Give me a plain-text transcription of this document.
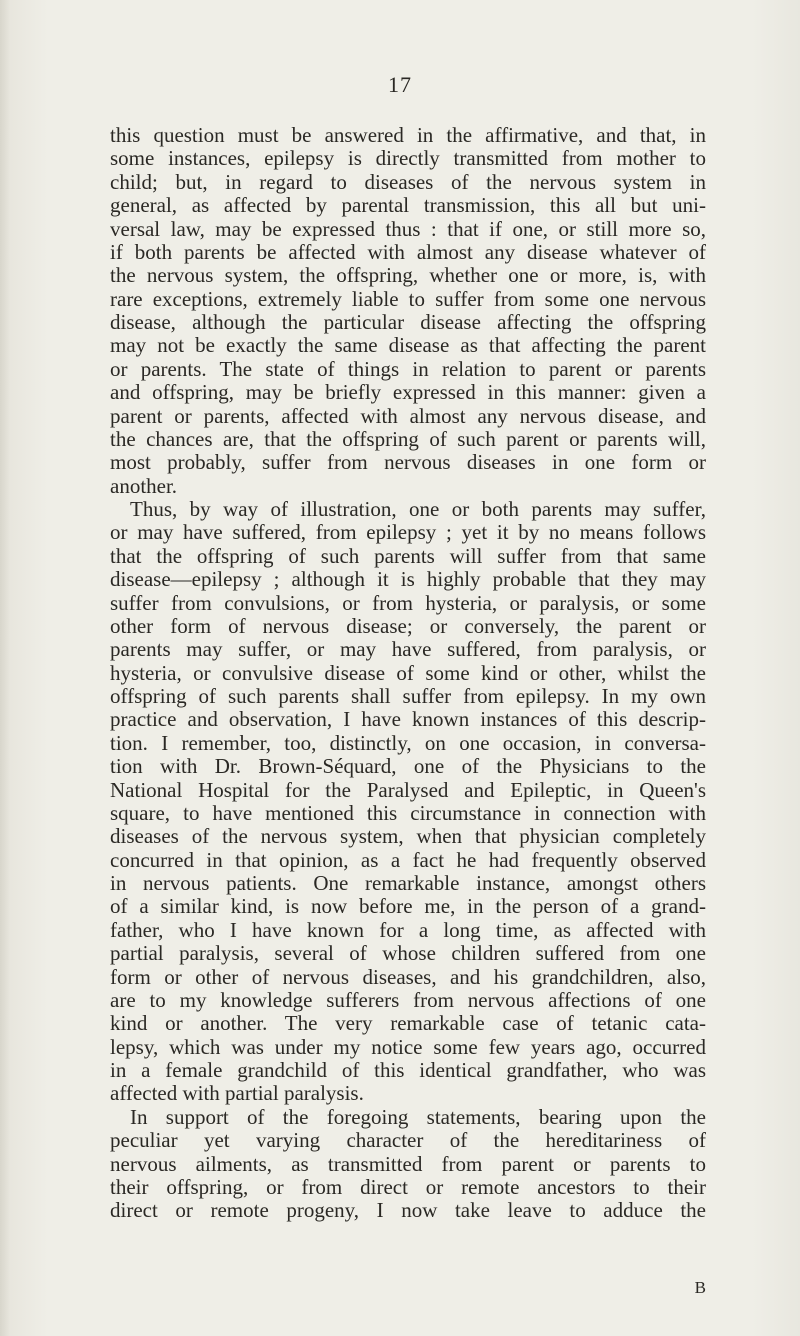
17
this question must be answered in the affirmative, and that, in
some instances, epilepsy is directly transmitted from mother to
child; but, in regard to diseases of the nervous system in
general, as affected by parental transmission, this all but uni-
versal law, may be expressed thus : that if one, or still more so,
if both parents be affected with almost any disease whatever of
the nervous system, the offspring, whether one or more, is, with
rare exceptions, extremely liable to suffer from some one nervous
disease, although the particular disease affecting the offspring
may not be exactly the same disease as that affecting the parent
or parents. The state of things in relation to parent or parents
and offspring, may be briefly expressed in this manner: given a
parent or parents, affected with almost any nervous disease, and
the chances are, that the offspring of such parent or parents will,
most probably, suffer from nervous diseases in one form or
another.
Thus, by way of illustration, one or both parents may suffer,
or may have suffered, from epilepsy ; yet it by no means follows
that the offspring of such parents will suffer from that same
disease—epilepsy ; although it is highly probable that they may
suffer from convulsions, or from hysteria, or paralysis, or some
other form of nervous disease; or conversely, the parent or
parents may suffer, or may have suffered, from paralysis, or
hysteria, or convulsive disease of some kind or other, whilst the
offspring of such parents shall suffer from epilepsy. In my own
practice and observation, I have known instances of this descrip-
tion. I remember, too, distinctly, on one occasion, in conversa-
tion with Dr. Brown-Séquard, one of the Physicians to the
National Hospital for the Paralysed and Epileptic, in Queen's
square, to have mentioned this circumstance in connection with
diseases of the nervous system, when that physician completely
concurred in that opinion, as a fact he had frequently observed
in nervous patients. One remarkable instance, amongst others
of a similar kind, is now before me, in the person of a grand-
father, who I have known for a long time, as affected with
partial paralysis, several of whose children suffered from one
form or other of nervous diseases, and his grandchildren, also,
are to my knowledge sufferers from nervous affections of one
kind or another. The very remarkable case of tetanic cata-
lepsy, which was under my notice some few years ago, occurred
in a female grandchild of this identical grandfather, who was
affected with partial paralysis.
In support of the foregoing statements, bearing upon the
peculiar yet varying character of the hereditariness of
nervous ailments, as transmitted from parent or parents to
their offspring, or from direct or remote ancestors to their
direct or remote progeny, I now take leave to adduce the
B
